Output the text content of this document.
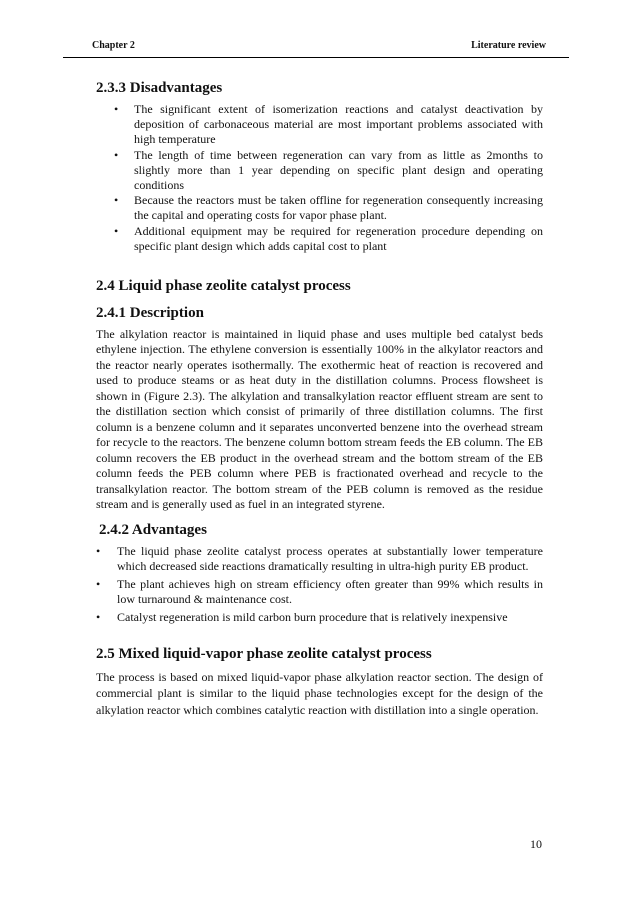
Chapter 2	Literature review
2.3.3 Disadvantages
• The significant extent of isomerization reactions and catalyst deactivation by deposition of carbonaceous material are most important problems associated with high temperature
• The length of time between regeneration can vary from as little as 2months to slightly more than 1 year depending on specific plant design and operating conditions
• Because the reactors must be taken offline for regeneration consequently increasing the capital and operating costs for vapor phase plant.
• Additional equipment may be required for regeneration procedure depending on specific plant design which adds capital cost to plant
2.4 Liquid phase zeolite catalyst process
2.4.1 Description

The alkylation reactor is maintained in liquid phase and uses multiple bed catalyst beds ethylene injection. The ethylene conversion is essentially 100% in the alkylator reactors and the reactor nearly operates isothermally. The exothermic heat of reaction is recovered and used to produce steams or as heat duty in the distillation columns. Process flowsheet is shown in (Figure 2.3). The alkylation and transalkylation reactor effluent stream are sent to the distillation section which consist of primarily of three distillation columns. The first column is a benzene column and it separates unconverted benzene into the overhead stream for recycle to the reactors. The benzene column bottom stream feeds the EB column. The EB column recovers the EB product in the overhead stream and the bottom stream of the EB column feeds the PEB column where PEB is fractionated overhead and recycle to the transalkylation reactor. The bottom stream of the PEB column is removed as the residue stream and is generally used as fuel in an integrated styrene.

2.4.2 Advantages
• The liquid phase zeolite catalyst process operates at substantially lower temperature which decreased side reactions dramatically resulting in ultra-high purity EB product.
• The plant achieves high on stream efficiency often greater than 99% which results in low turnaround & maintenance cost.
• Catalyst regeneration is mild carbon burn procedure that is relatively inexpensive
2.5 Mixed liquid-vapor phase zeolite catalyst process

The process is based on mixed liquid-vapor phase alkylation reactor section. The design of commercial plant is similar to the liquid phase technologies except for the design of the alkylation reactor which combines catalytic reaction with distillation into a single operation.

10
